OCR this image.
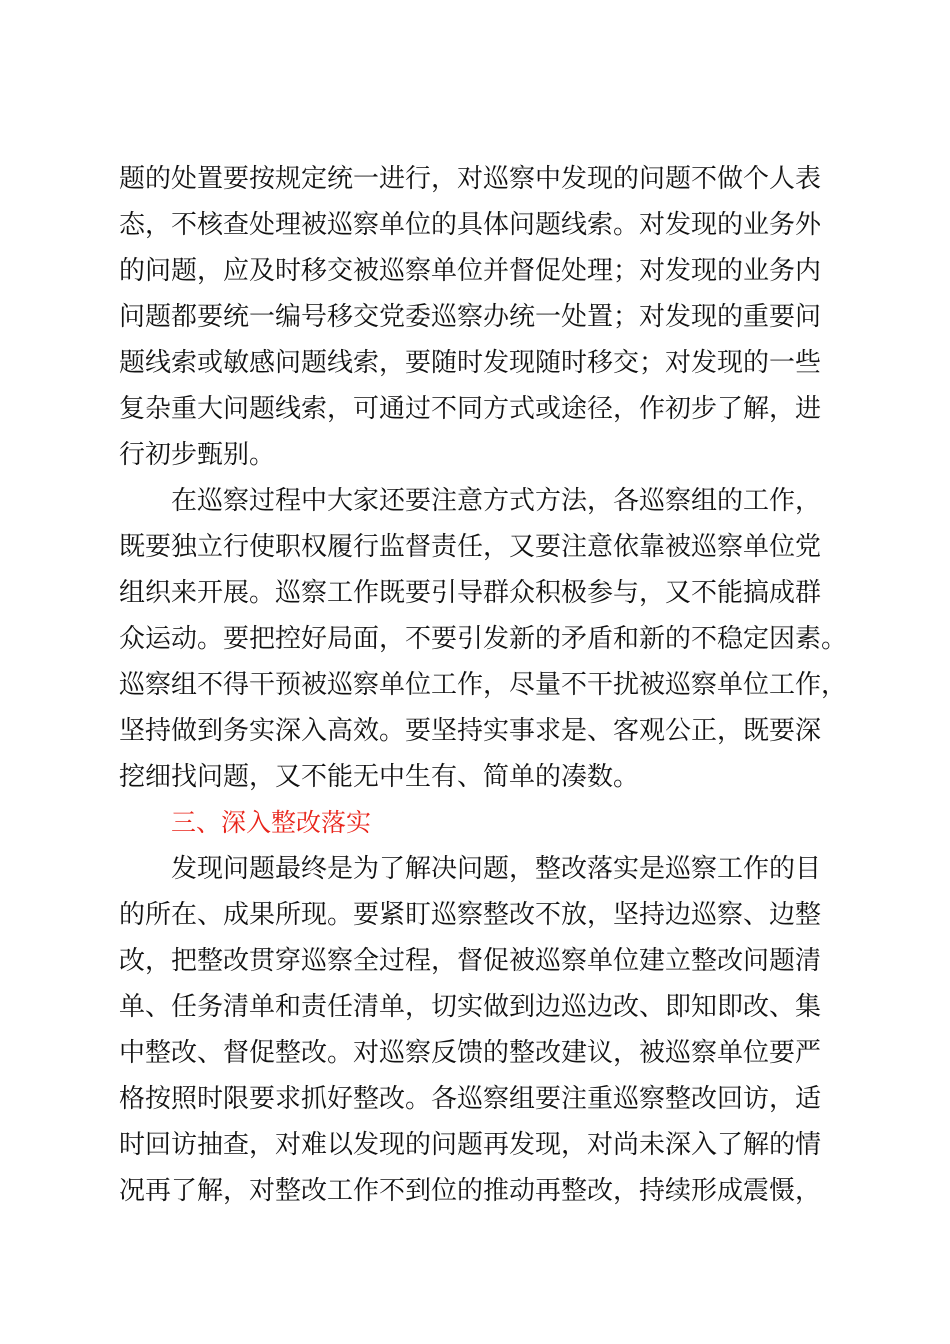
题的处置要按规定统一进行，对巡察中发现的问题不做个人表
态，不核查处理被巡察单位的具体问题线索。对发现的业务外
的问题，应及时移交被巡察单位并督促处理；对发现的业务内
问题都要统一编号移交党委巡察办统一处置；对发现的重要问
题线索或敏感问题线索，要随时发现随时移交；对发现的一些
复杂重大问题线索，可通过不同方式或途径，作初步了解，进
行初步甄别。
在巡察过程中大家还要注意方式方法，各巡察组的工作，
既要独立行使职权履行监督责任，又要注意依靠被巡察单位党
组织来开展。巡察工作既要引导群众积极参与，又不能搞成群
众运动。要把控好局面，不要引发新的矛盾和新的不稳定因素。
巡察组不得干预被巡察单位工作，尽量不干扰被巡察单位工作，
坚持做到务实深入高效。要坚持实事求是、客观公正，既要深
挖细找问题，又不能无中生有、简单的凑数。
三、深入整改落实
发现问题最终是为了解决问题，整改落实是巡察工作的目
的所在、成果所现。要紧盯巡察整改不放，坚持边巡察、边整
改，把整改贯穿巡察全过程，督促被巡察单位建立整改问题清
单、任务清单和责任清单，切实做到边巡边改、即知即改、集
中整改、督促整改。对巡察反馈的整改建议，被巡察单位要严
格按照时限要求抓好整改。各巡察组要注重巡察整改回访，适
时回访抽查，对难以发现的问题再发现，对尚未深入了解的情
况再了解，对整改工作不到位的推动再整改，持续形成震慑，
